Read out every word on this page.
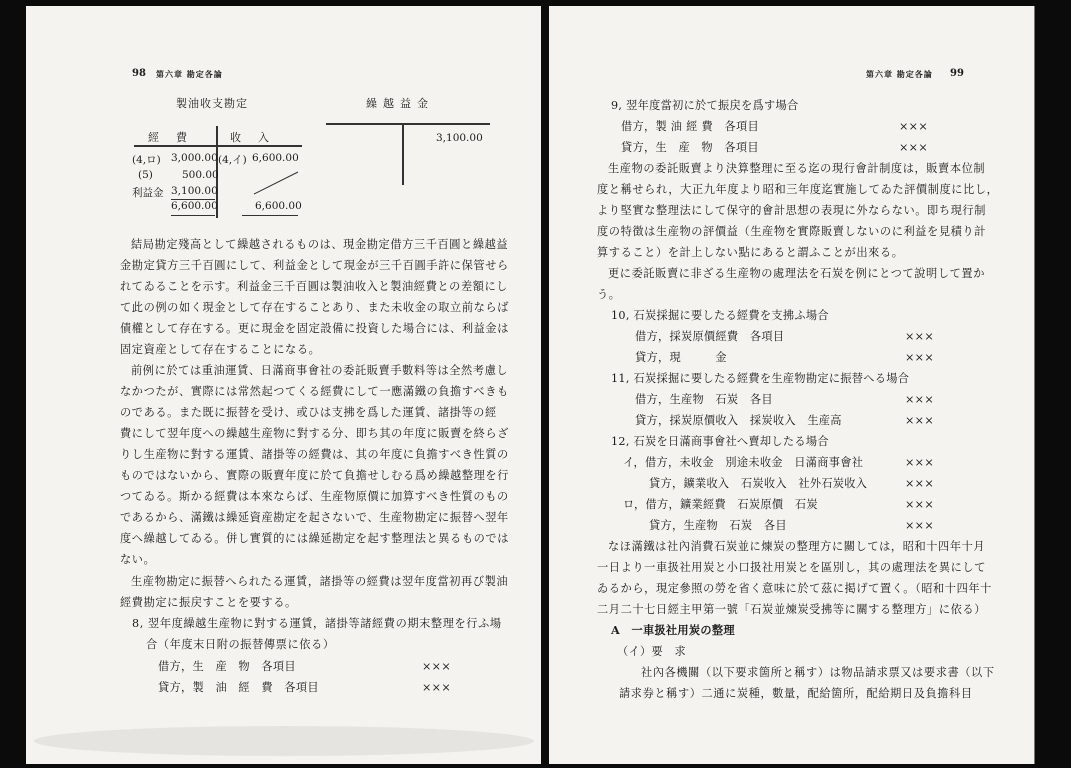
98 第六章 勘定各論
製油收支勘定
經　費	收　入
(4,ロ) 3,000.00 (4,イ) 6,600.00
(5)	500.00
利益金 3,100.00
6,600.00	6,600.00
繰越益金
3,100.00
結局勘定殘高として繰越されるものは、現金勘定借方三千百圓と繰越益
金勘定貸方三千百圓にして、利益金として現金が三千百圓手許に保管せら
れてゐることを示す。利益金三千百圓は製油收入と製油經費との差額にし
て此の例の如く現金として存在することあり、また未收金の取立前ならば
債權として存在する。更に現金を固定設備に投資した場合には、利益金は
固定資産として存在することになる。
前例に於ては重油運賃、日滿商事會社の委託販賣手數料等は全然考慮し
なかつたが、實際には常然起つてくる經費にして一應滿鐵の負擔すべきも
のである。また既に振替を受け、或ひは支拂を爲した運賃、諸掛等の經
費にして翌年度への繰越生産物に對する分、即ち其の年度に販賣を終らざ
りし生産物に對する運賃、諸掛等の經費は、其の年度に負擔すべき性質の
ものではないから、實際の販賣年度に於て負擔せしむる爲め繰越整理を行
つてゐる。斯かる經費は本來ならば、生産物原價に加算すべき性質のもの
であるから、滿鐵は繰延資産勘定を起さないで、生産物勘定に振替へ翌年
度へ繰越してゐる。併し實質的には繰延勘定を起す整理法と異るものでは
ない。
生産物勘定に振替へられたる運賃，諸掛等の經費は翌年度當初再び製油
經費勘定に振戻すことを要する。
8, 翌年度繰越生産物に對する運賃，諸掛等諸經費の期末整理を行ふ場
合（年度末日附の振替傳票に依る）
借方，生　産　物　各項目	×××
貸方，製　油　經　費　各項目	×××
第六章 勘定各論 99
9, 翌年度當初に於て振戻を爲す場合
借方，製 油 經 費　各項目	×××
貸方，生　産　物　各項目	×××
生産物の委託販賣より決算整理に至る迄の現行會計制度は，販賣本位制
度と稱せられ，大正九年度より昭和三年度迄實施してゐた評價制度に比し，
より堅實な整理法にして保守的會計思想の表現に外ならない。即ち現行制
度の特徴は生産物の評價益（生産物を實際販賣しないのに利益を見積り計
算すること）を計上しない點にあると謂ふことが出來る。
更に委託販賣に非ざる生産物の處理法を石炭を例にとつて說明して置か
う。
10, 石炭採掘に要したる經費を支拂ふ場合
借方，採炭原價經費　各項目	×××
貸方，現　　　金	×××
11, 石炭採掘に要したる經費を生産物勘定に振替へる場合
借方，生産物　石炭　各目	×××
貸方，採炭原價收入　採炭收入　生産高	×××
12, 石炭を日滿商事會社へ賣却したる場合
イ，借方，未收金　別途未收金　日滿商事會社	×××
貸方，鑛業收入　石炭收入　社外石炭收入	×××
ロ，借方，鑛業經費　石炭原價　石炭	×××
貸方，生産物　石炭　各目	×××
なほ滿鐵は社內消費石炭並に煉炭の整理方に關しては，昭和十四年十月
一日より一車扱社用炭と小口扱社用炭とを區別し，其の處理法を異にして
ゐるから，現定參照の勞を省く意味に於て茲に掲げて置く。（昭和十四年十
二月二十七日經主甲第一號「石炭並煉炭受拂等に關する整理方」に依る）
A　一車扱社用炭の整理
（イ）要　求
社內各機關（以下要求箇所と稱す）は物品請求票又は要求書（以下
請求券と稱す）二通に炭種，數量，配給箇所，配給期日及負擔科目
